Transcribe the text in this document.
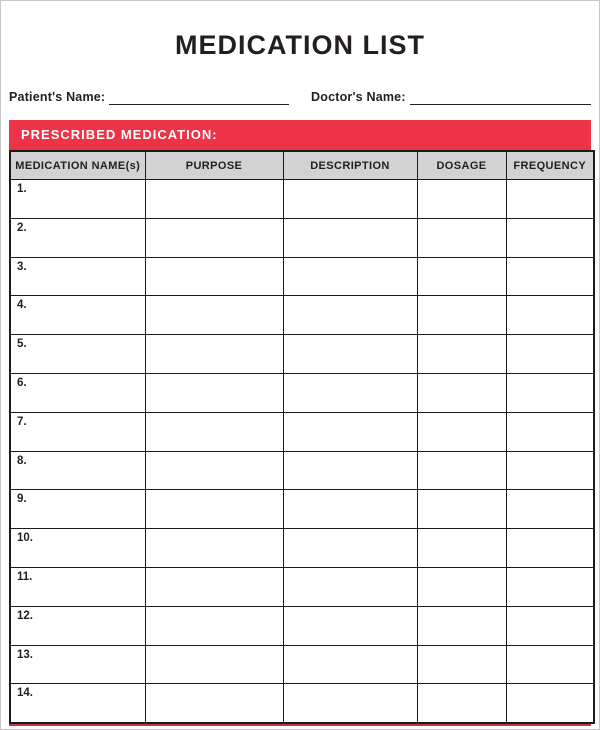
MEDICATION LIST
Patient's Name:	Doctor's Name:
PRESCRIBED MEDICATION:
MEDICATION NAME(s)	PURPOSE	DESCRIPTION	DOSAGE	FREQUENCY
1.				
2.				
3.				
4.				
5.				
6.				
7.				
8.				
9.				
10.				
11.				
12.				
13.				
14.				
